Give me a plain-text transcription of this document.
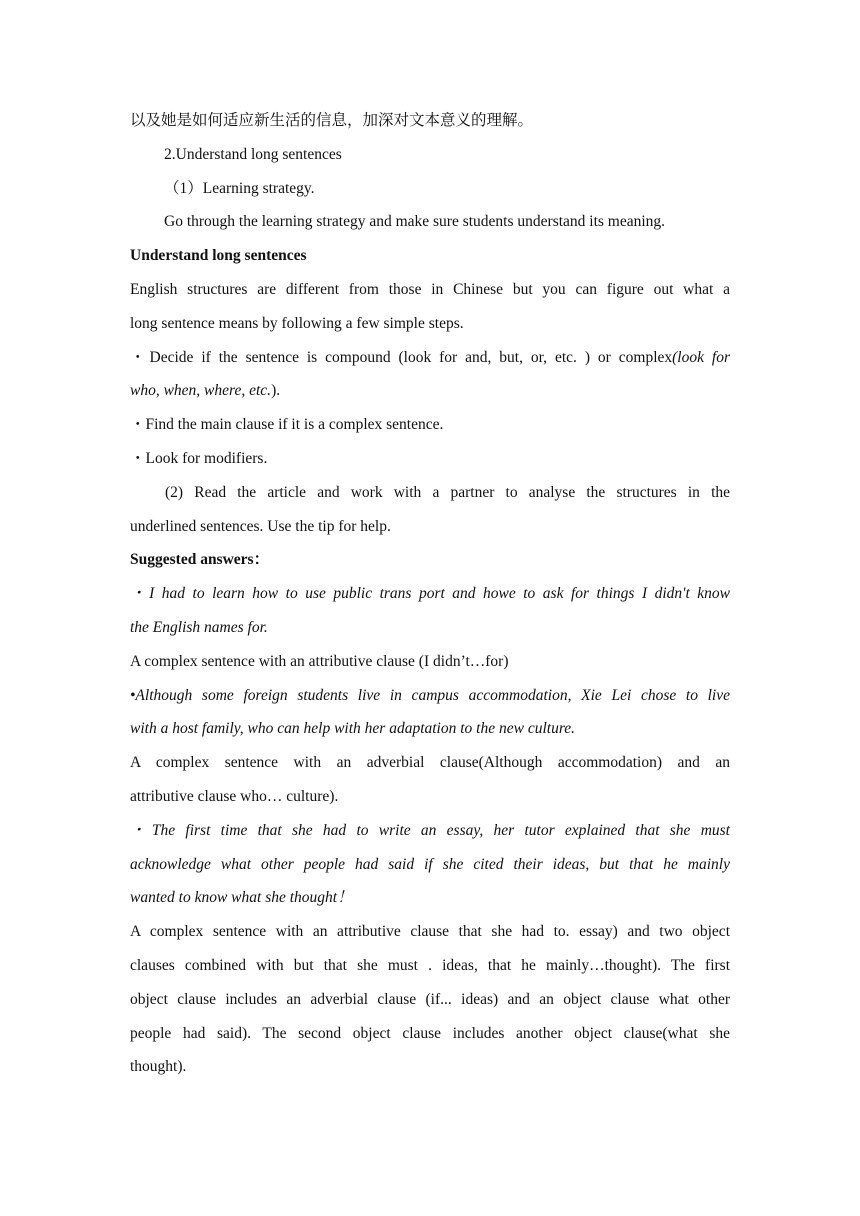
以及她是如何适应新生活的信息，加深对文本意义的理解。
2.Understand long sentences
（1）Learning strategy.
Go through the learning strategy and make sure students understand its meaning.
Understand long sentences
English structures are different from those in Chinese but you can figure out what a
long sentence means by following a few simple steps.
・Decide if the sentence is compound (look for and, but, or, etc. ) or complex(look for
who, when, where, etc.).
・Find the main clause if it is a complex sentence.
・Look for modifiers.
(2) Read the article and work with a partner to analyse the structures in the
underlined sentences. Use the tip for help.
Suggested answers：
・I had to learn how to use public trans port and howe to ask for things I didn't know
the English names for.
A complex sentence with an attributive clause (I didn’t…for)
•Although some foreign students live in campus accommodation, Xie Lei chose to live
with a host family, who can help with her adaptation to the new culture.
A complex sentence with an adverbial clause(Although accommodation) and an
attributive clause who… culture).
・The first time that she had to write an essay, her tutor explained that she must
acknowledge what other people had said if she cited their ideas, but that he mainly
wanted to know what she thought！
A complex sentence with an attributive clause that she had to. essay) and two object
clauses combined with but that she must . ideas, that he mainly…thought). The first
object clause includes an adverbial clause (if... ideas) and an object clause what other
people had said). The second object clause includes another object clause(what she
thought).
